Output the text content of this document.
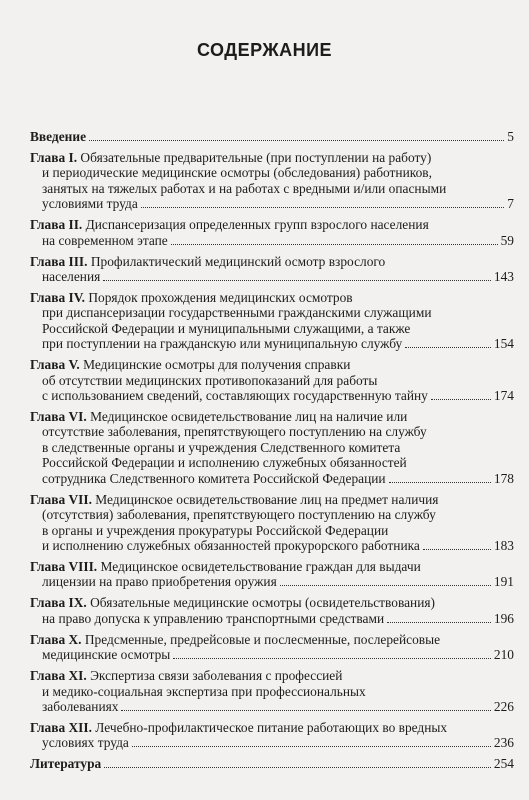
СОДЕРЖАНИЕ
Введение	5
Глава I. Обязательные предварительные (при поступлении на работу)
и периодические медицинские осмотры (обследования) работников,
занятых на тяжелых работах и на работах с вредными и/или опасными
условиями труда	7
Глава II. Диспансеризация определенных групп взрослого населения
на современном этапе	59
Глава III. Профилактический медицинский осмотр взрослого
населения	143
Глава IV. Порядок прохождения медицинских осмотров
при диспансеризации государственными гражданскими служащими
Российской Федерации и муниципальными служащими, а также
при поступлении на гражданскую или муниципальную службу	154
Глава V. Медицинские осмотры для получения справки
об отсутствии медицинских противопоказаний для работы
с использованием сведений, составляющих государственную тайну	174
Глава VI. Медицинское освидетельствование лиц на наличие или
отсутствие заболевания, препятствующего поступлению на службу
в следственные органы и учреждения Следственного комитета
Российской Федерации и исполнению служебных обязанностей
сотрудника Следственного комитета Российской Федерации	178
Глава VII. Медицинское освидетельствование лиц на предмет наличия
(отсутствия) заболевания, препятствующего поступлению на службу
в органы и учреждения прокуратуры Российской Федерации
и исполнению служебных обязанностей прокурорского работника	183
Глава VIII. Медицинское освидетельствование граждан для выдачи
лицензии на право приобретения оружия	191
Глава IX. Обязательные медицинские осмотры (освидетельствования)
на право допуска к управлению транспортными средствами	196
Глава X. Предсменные, предрейсовые и послесменные, послерейсовые
медицинские осмотры	210
Глава XI. Экспертиза связи заболевания с профессией
и медико-социальная экспертиза при профессиональных
заболеваниях	226
Глава XII. Лечебно-профилактическое питание работающих во вредных
условиях труда	236
Литература	254
